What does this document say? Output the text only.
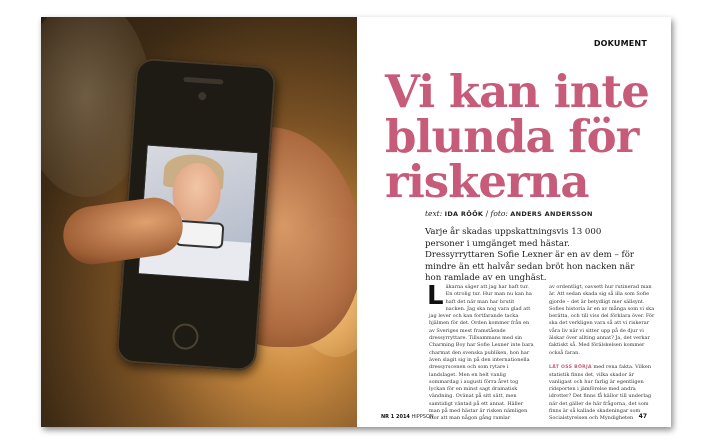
DOKUMENT
Vi kan inte blunda för riskerna
text: IDA RÖÖK / foto: ANDERS ANDERSSON

Varje år skadas uppskattningsvis 13 000 personer i umgänget med hästar. Dressyrryttaren Sofie Lexner är en av dem – för mindre än ett halvår sedan bröt hon nacken när hon ramlade av en unghäst.

Läkarna säger att jag har haft tur. En otrolig tur. Hur man nu kan ha haft det när man har brutit nacken. Jag ska nog vara glad att jag lever och kan fortfarande tacka hjälmen för det. Orden kommer från en av Sveriges mest framstående dressyrryttare. Tillsammans med sin Charming Boy har Sofie Lexner inte bara charmat den svenska publiken, hon har även slagit sig in på den internationella dressyrscenen och som rytare i landslaget. Men en helt vanlig sommardag i augusti förra året tog lyckan för en minst sagt dramatisk vändning. Ovänat på sitt sätt, men samtidigt väntad på ett annat. Häller man på med hästar är risken nämligen stor att man någon gång ramlar
av ordentligt, oavsett hur rutinerad man är. Att sedan skada sig så illa som Sofie gjorde – det är betydligt mer sällsynt. Sofies historia är en av många som vi ska berätta, och till viss del förklara över. För ska det verkligen vara så att vi riskerar våra liv när vi sitter upp på de djur vi älskar över allting annat? Ja, det verkar faktiskt så. Med förälskelsen kommer också faran.

LÄT OSS BÖRJA med rena fakta. Vilken statistik finns det, vilka skador är vanligast och hur farlig är egentligen ridsporten i jämförelse med andra idrotter? Det finns få källor till underlag när det gäller de här frågorna, det som finns är så kallade skadeningar som Socialstyrelsen och Myndigheten
NR 1 2014 HIPPSON	47
